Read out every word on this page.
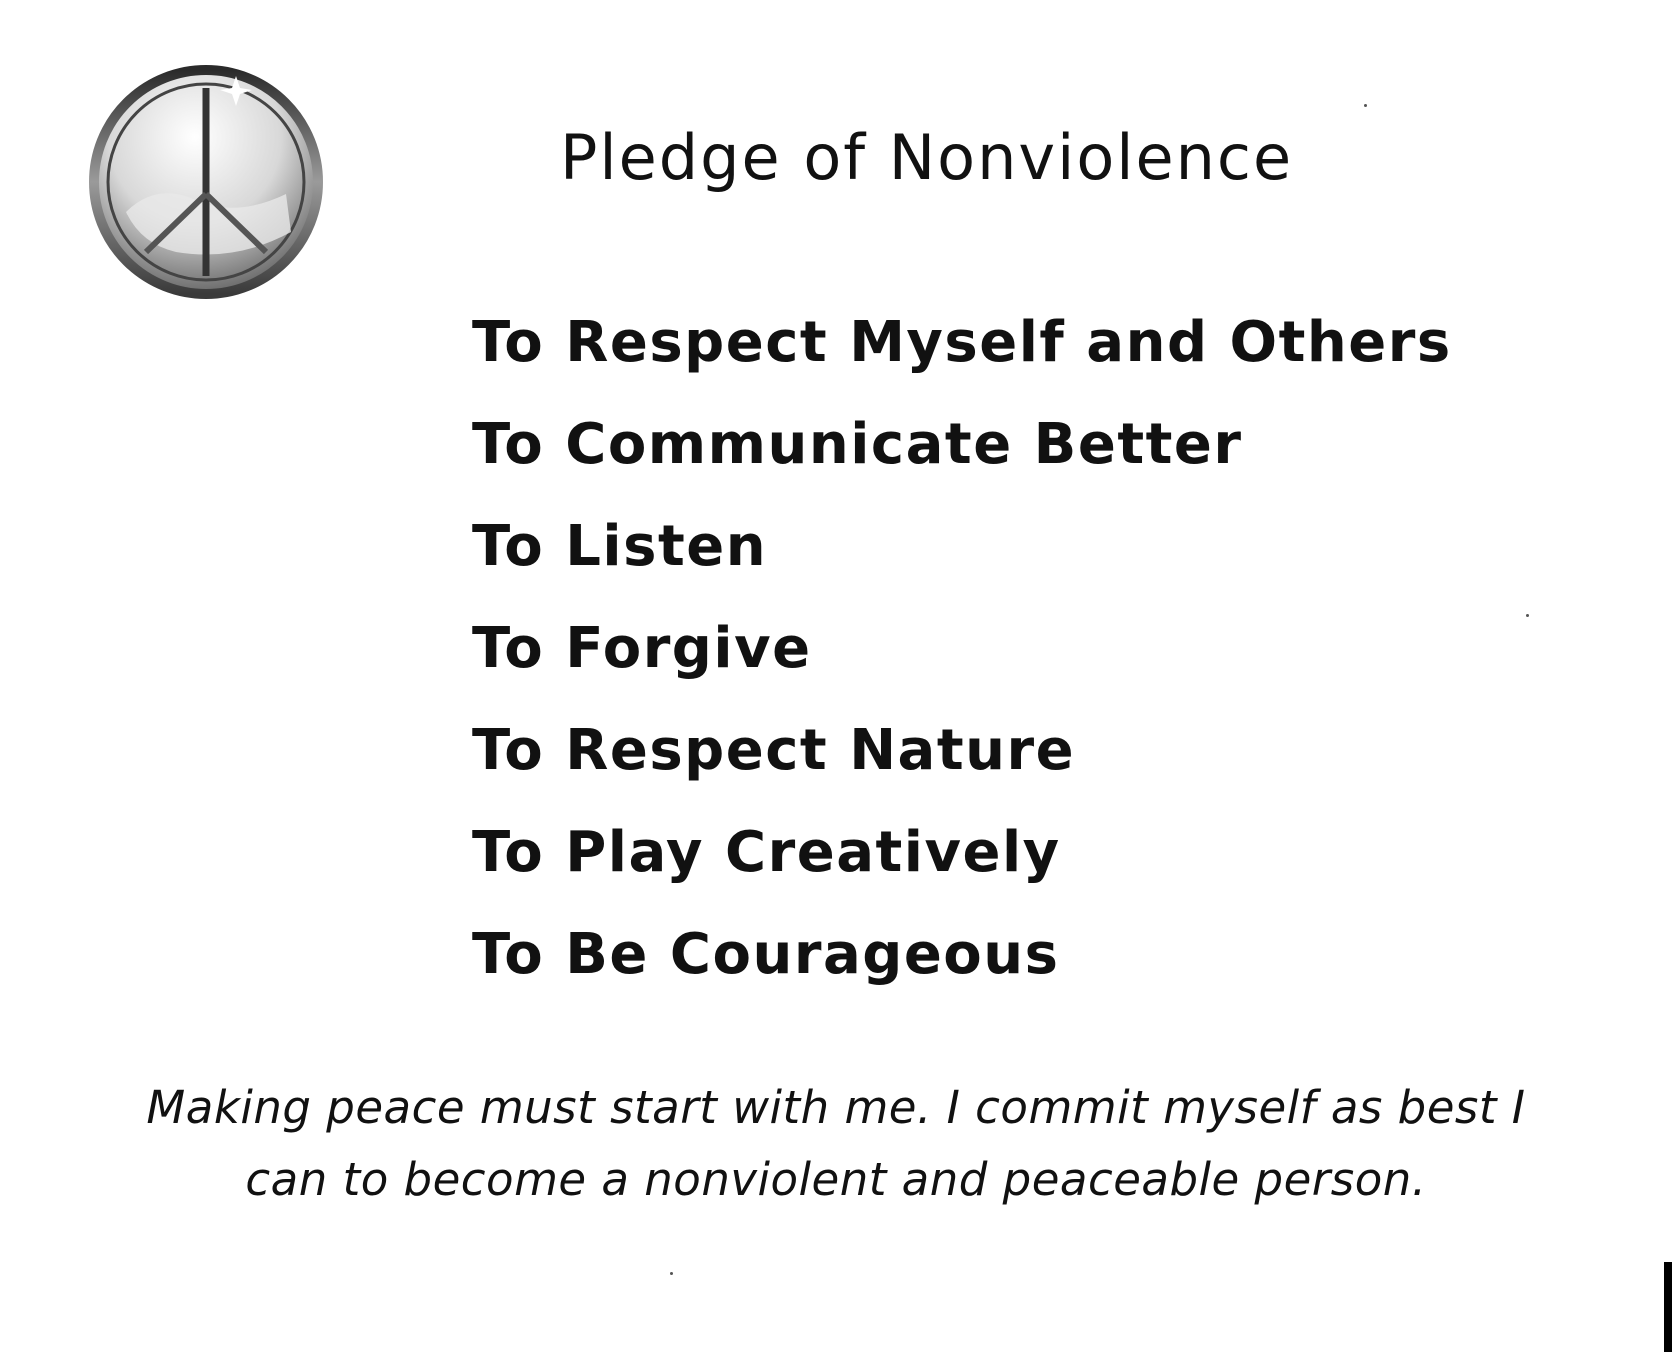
Pledge of Nonviolence
To Respect Myself and Others
To Communicate Better
To Listen
To Forgive
To Respect Nature
To Play Creatively
To Be Courageous

Making peace must start with me. I commit myself as best I
can to become a nonviolent and peaceable person.
